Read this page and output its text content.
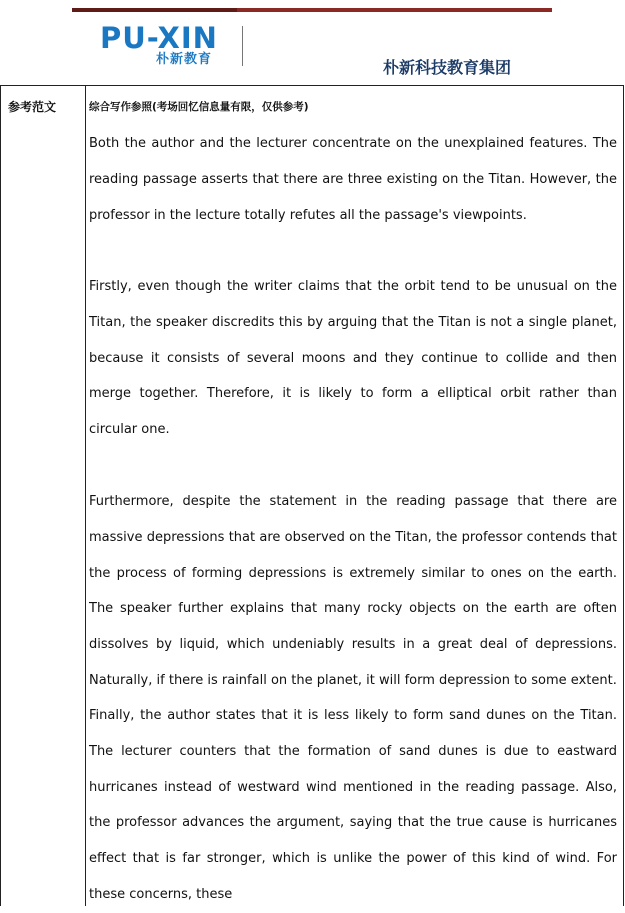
PU-XIN
朴新教育	朴新科技教育集团
参考范文	综合写作参照(考场回忆信息量有限，仅供参考)

Both the author and the lecturer concentrate on the unexplained features. The reading passage asserts that there are three existing on the Titan. However, the professor in the lecture totally refutes all the passage's viewpoints.

Firstly, even though the writer claims that the orbit tend to be unusual on the Titan, the speaker discredits this by arguing that the Titan is not a single planet, because it consists of several moons and they continue to collide and then merge together. Therefore, it is likely to form a elliptical orbit rather than circular one.

Furthermore, despite the statement in the reading passage that there are massive depressions that are observed on the Titan, the professor contends that the process of forming depressions is extremely similar to ones on the earth. The speaker further explains that many rocky objects on the earth are often dissolves by liquid, which undeniably results in a great deal of depressions. Naturally, if there is rainfall on the planet, it will form depression to some extent.

Finally, the author states that it is less likely to form sand dunes on the Titan. The lecturer counters that the formation of sand dunes is due to eastward hurricanes instead of westward wind mentioned in the reading passage. Also, the professor advances the argument, saying that the true cause is hurricanes effect that is far stronger, which is unlike the power of this kind of wind. For these concerns, these
